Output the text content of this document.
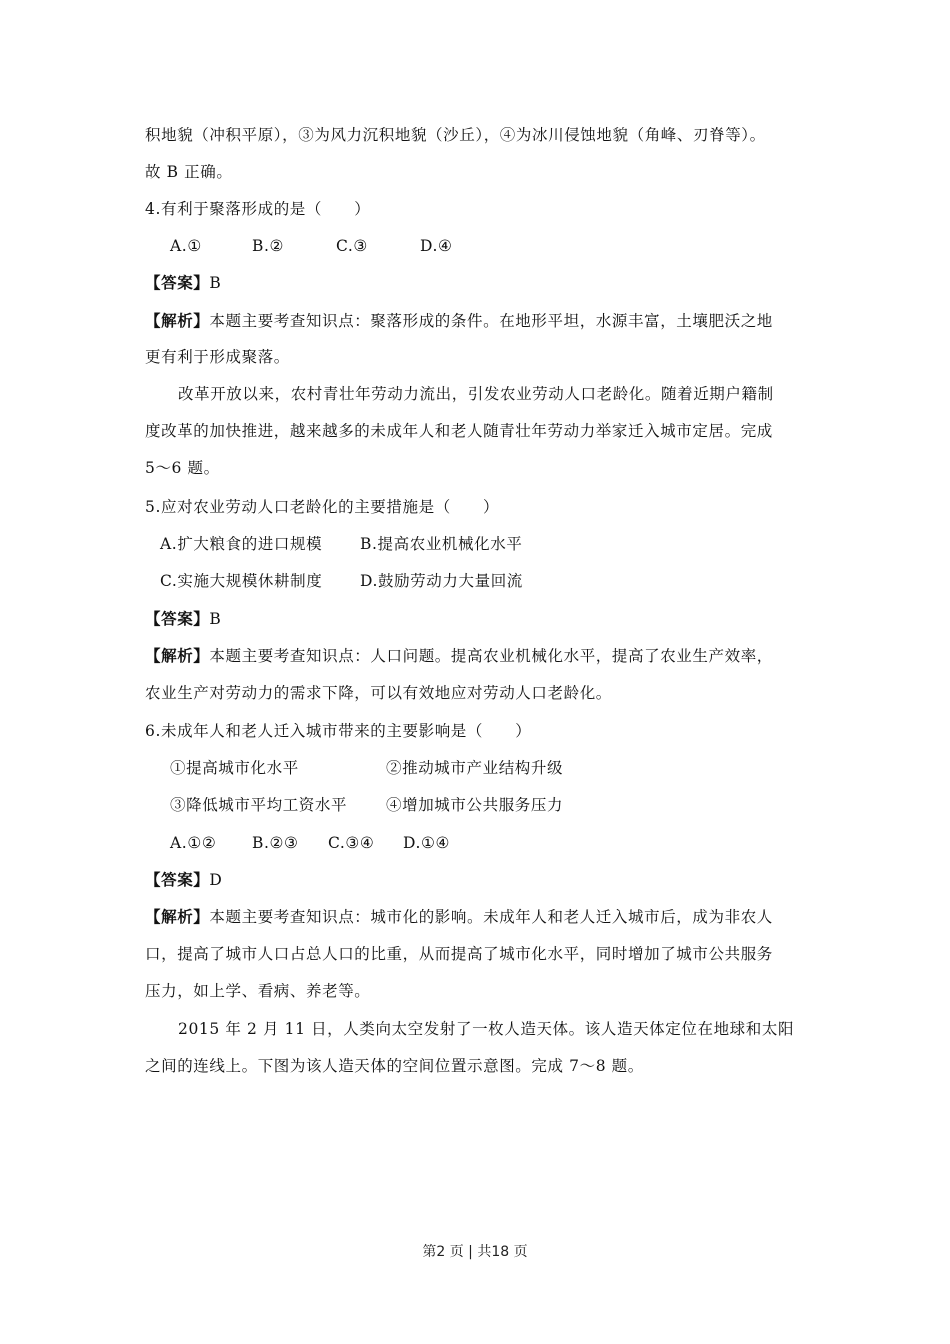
积地貌（冲积平原），③为风力沉积地貌（沙丘），④为冰川侵蚀地貌（角峰、刃脊等）。
故 B 正确。
4.有利于聚落形成的是（　　）
A.①	B.②	C.③	D.④
【答案】B
【解析】本题主要考查知识点：聚落形成的条件。在地形平坦，水源丰富，土壤肥沃之地
更有利于形成聚落。
改革开放以来，农村青壮年劳动力流出，引发农业劳动人口老龄化。随着近期户籍制
度改革的加快推进，越来越多的未成年人和老人随青壮年劳动力举家迁入城市定居。完成
5～6 题。
5.应对农业劳动人口老龄化的主要措施是（　　）
A.扩大粮食的进口规模 B.提高农业机械化水平
C.实施大规模休耕制度 D.鼓励劳动力大量回流
【答案】B
【解析】本题主要考查知识点：人口问题。提高农业机械化水平，提高了农业生产效率，
农业生产对劳动力的需求下降，可以有效地应对劳动人口老龄化。
6.未成年人和老人迁入城市带来的主要影响是（　　）
①提高城市化水平	②推动城市产业结构升级
③降低城市平均工资水平	④增加城市公共服务压力
A.①② B.②③ C.③④ D.①④
【答案】D
【解析】本题主要考查知识点：城市化的影响。未成年人和老人迁入城市后，成为非农人
口，提高了城市人口占总人口的比重，从而提高了城市化水平，同时增加了城市公共服务
压力，如上学、看病、养老等。
2015 年 2 月 11 日，人类向太空发射了一枚人造天体。该人造天体定位在地球和太阳
之间的连线上。下图为该人造天体的空间位置示意图。完成 7～8 题。
第2 页 | 共18 页
